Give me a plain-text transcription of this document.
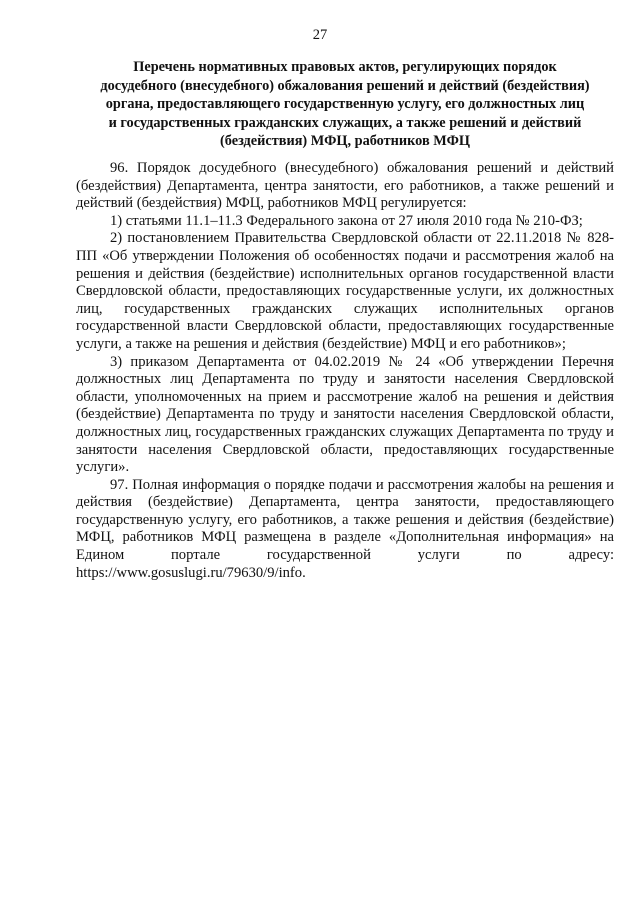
27
Перечень нормативных правовых актов, регулирующих порядок
досудебного (внесудебного) обжалования решений и действий (бездействия)
органа, предоставляющего государственную услугу, его должностных лиц
и государственных гражданских служащих, а также решений и действий
(бездействия) МФЦ, работников МФЦ

96. Порядок досудебного (внесудебного) обжалования решений и действий (бездействия) Департамента, центра занятости, его работников, а также решений и действий (бездействия) МФЦ, работников МФЦ регулируется:

1) статьями 11.1–11.3 Федерального закона от 27 июля 2010 года № 210-ФЗ;

2) постановлением Правительства Свердловской области от 22.11.2018 № 828-ПП «Об утверждении Положения об особенностях подачи и рассмотрения жалоб на решения и действия (бездействие) исполнительных органов государственной власти Свердловской области, предоставляющих государственные услуги, их должностных лиц, государственных гражданских служащих исполнительных органов государственной власти Свердловской области, предоставляющих государственные услуги, а также на решения и действия (бездействие) МФЦ и его работников»;

3) приказом Департамента от 04.02.2019 № 24 «Об утверждении Перечня должностных лиц Департамента по труду и занятости населения Свердловской области, уполномоченных на прием и рассмотрение жалоб на решения и действия (бездействие) Департамента по труду и занятости населения Свердловской области, должностных лиц, государственных гражданских служащих Департамента по труду и занятости населения Свердловской области, предоставляющих государственные услуги».

97. Полная информация о порядке подачи и рассмотрения жалобы на решения и действия (бездействие) Департамента, центра занятости, предоставляющего государственную услугу, его работников, а также решения и действия (бездействие) МФЦ, работников МФЦ размещена в разделе «Дополнительная информация» на Едином портале государственной услуги по адресу: https://www.gosuslugi.ru/79630/9/info.
